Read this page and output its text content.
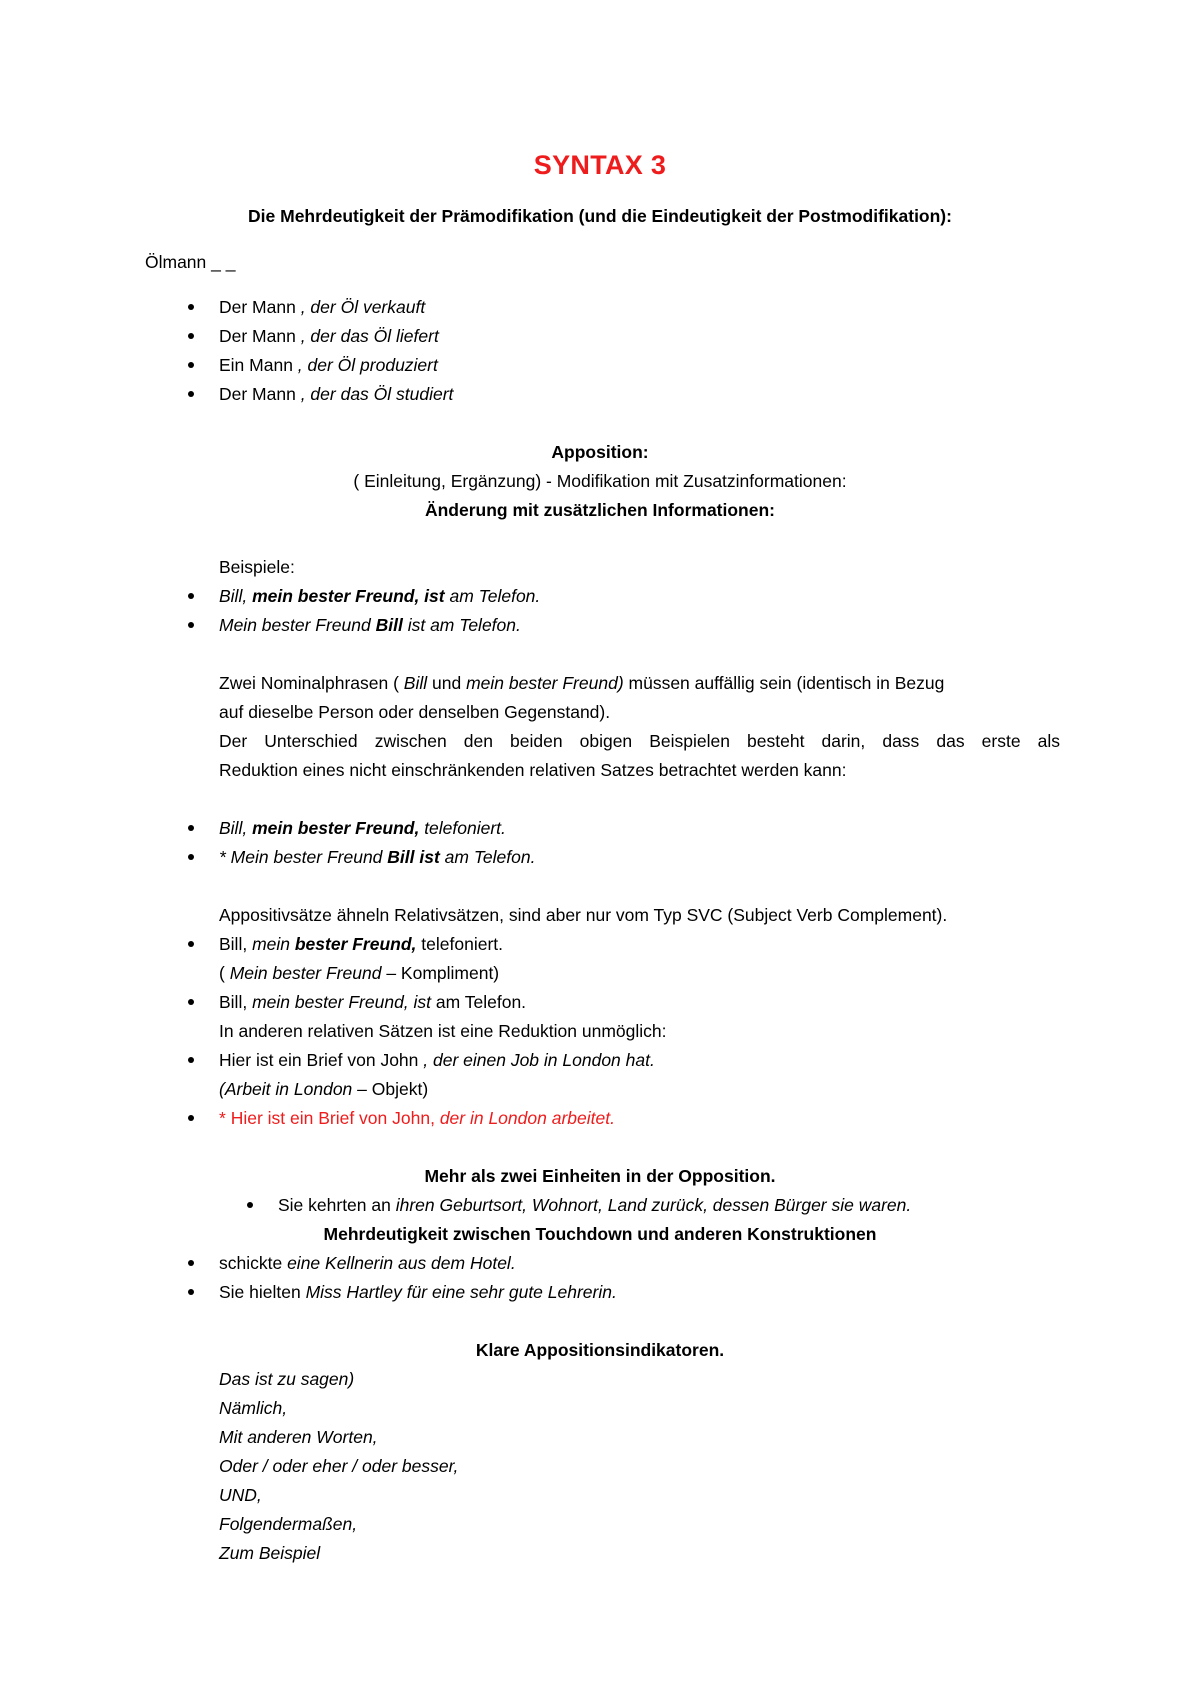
SYNTAX 3
Die Mehrdeutigkeit der Prämodifikation (und die Eindeutigkeit der Postmodifikation):
Ölmann _ _
Der Mann , der Öl verkauft
Der Mann , der das Öl liefert
Ein Mann , der Öl produziert
Der Mann , der das Öl studiert
Apposition:
( Einleitung, Ergänzung) - Modifikation mit Zusatzinformationen:
Änderung mit zusätzlichen Informationen:
Beispiele:
Bill, mein bester Freund, ist am Telefon.
Mein bester Freund Bill ist am Telefon.
Zwei Nominalphrasen ( Bill und mein bester Freund) müssen auffällig sein (identisch in Bezug
auf dieselbe Person oder denselben Gegenstand).
Der Unterschied zwischen den beiden obigen Beispielen besteht darin, dass das erste als
Reduktion eines nicht einschränkenden relativen Satzes betrachtet werden kann:
Bill, mein bester Freund, telefoniert.
* Mein bester Freund Bill ist am Telefon.
Appositivsätze ähneln Relativsätzen, sind aber nur vom Typ SVC (Subject Verb Complement).
Bill, mein bester Freund, telefoniert.
( Mein bester Freund – Kompliment)
Bill, mein bester Freund, ist am Telefon.
In anderen relativen Sätzen ist eine Reduktion unmöglich:
Hier ist ein Brief von John , der einen Job in London hat.
(Arbeit in London – Objekt)
* Hier ist ein Brief von John, der in London arbeitet.
Mehr als zwei Einheiten in der Opposition.
Sie kehrten an ihren Geburtsort, Wohnort, Land zurück, dessen Bürger sie waren.
Mehrdeutigkeit zwischen Touchdown und anderen Konstruktionen
schickte eine Kellnerin aus dem Hotel.
Sie hielten Miss Hartley für eine sehr gute Lehrerin.
Klare Appositionsindikatoren.
Das ist zu sagen)
Nämlich,
Mit anderen Worten,
Oder / oder eher / oder besser,
UND,
Folgendermaßen,
Zum Beispiel
